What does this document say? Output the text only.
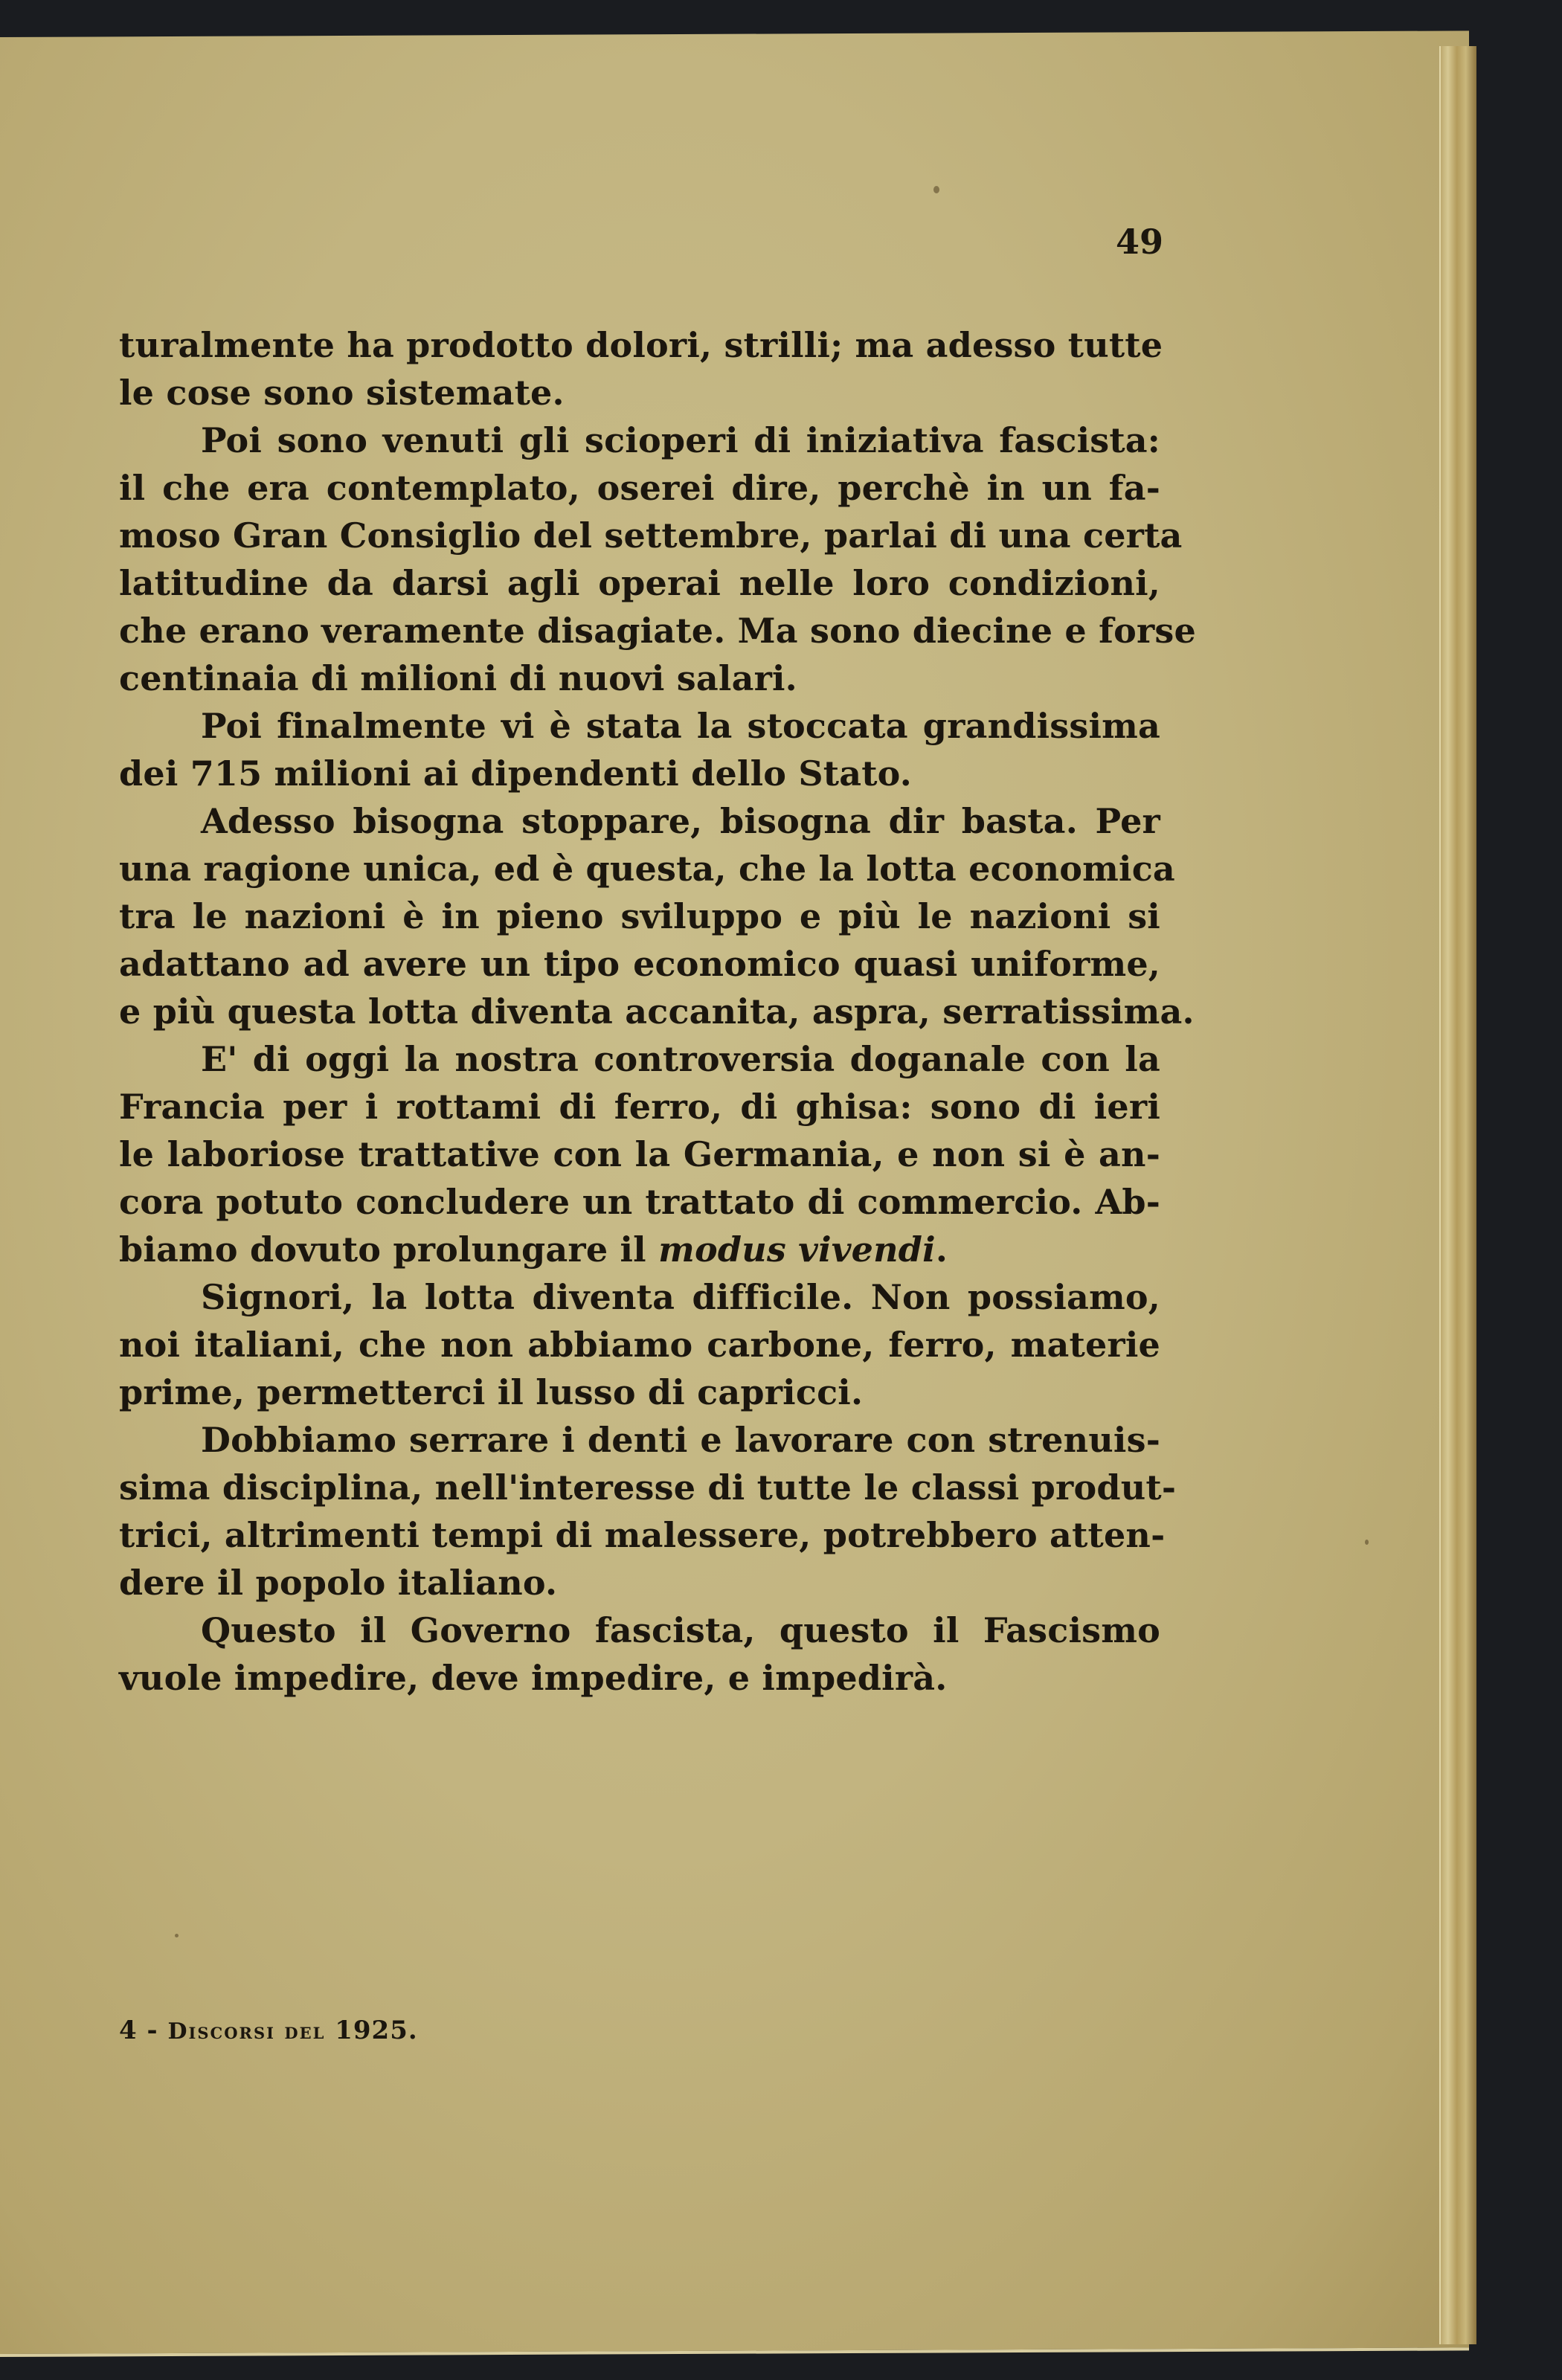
49
turalmente ha prodotto dolori, strilli; ma adesso tutte
le cose sono sistemate.
Poi sono venuti gli scioperi di iniziativa fascista:
il che era contemplato, oserei dire, perchè in un fa-
moso Gran Consiglio del settembre, parlai di una certa
latitudine da darsi agli operai nelle loro condizioni,
che erano veramente disagiate. Ma sono diecine e forse
centinaia di milioni di nuovi salari.
Poi finalmente vi è stata la stoccata grandissima
dei 715 milioni ai dipendenti dello Stato.
Adesso bisogna stoppare, bisogna dir basta. Per
una ragione unica, ed è questa, che la lotta economica
tra le nazioni è in pieno sviluppo e più le nazioni si
adattano ad avere un tipo economico quasi uniforme,
e più questa lotta diventa accanita, aspra, serratissima.
E' di oggi la nostra controversia doganale con la
Francia per i rottami di ferro, di ghisa: sono di ieri
le laboriose trattative con la Germania, e non si è an-
cora potuto concludere un trattato di commercio. Ab-
biamo dovuto prolungare il modus vivendi.
Signori, la lotta diventa difficile. Non possiamo,
noi italiani, che non abbiamo carbone, ferro, materie
prime, permetterci il lusso di capricci.
Dobbiamo serrare i denti e lavorare con strenuis-
sima disciplina, nell'interesse di tutte le classi produt-
trici, altrimenti tempi di malessere, potrebbero atten-
dere il popolo italiano.
Questo il Governo fascista, questo il Fascismo
vuole impedire, deve impedire, e impedirà.
4 - Discorsi del 1925.
